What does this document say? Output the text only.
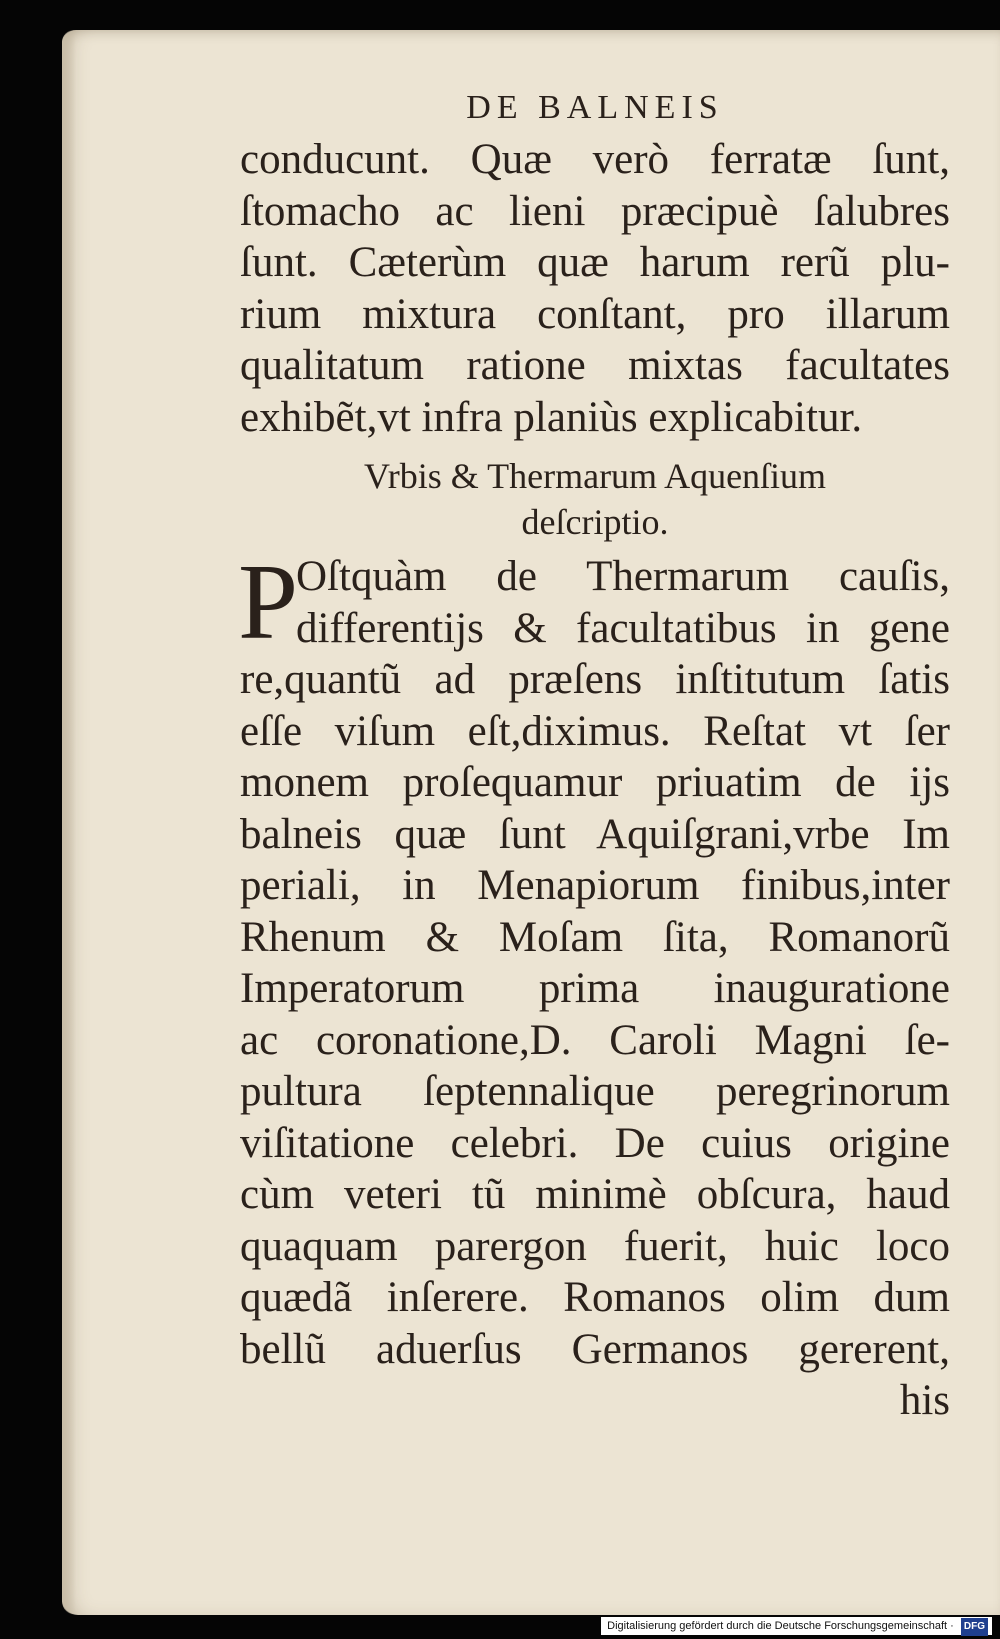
DE BALNEIS
conducunt. Quæ verò ferratæ ſunt,
ſtomacho ac lieni præcipuè ſalubres
ſunt. Cæterùm quæ harum rerũ plu-
rium mixtura conſtant, pro illarum
qualitatum ratione mixtas facultates
exhibẽt,vt infra planiùs explicabitur.
Vrbis & Thermarum Aquenſium
deſcriptio.
P
Oſtquàm de Thermarum cauſis,
differentijs & facultatibus in gene
re,quantũ ad præſens inſtitutum ſatis
eſſe viſum eſt,diximus. Reſtat vt ſer
monem proſequamur priuatim de ijs
balneis quæ ſunt Aquiſgrani,vrbe Im
periali, in Menapiorum finibus,inter
Rhenum & Moſam ſita, Romanorũ
Imperatorum prima inauguratione
ac coronatione,D. Caroli Magni ſe-
pultura ſeptennalique peregrinorum
viſitatione celebri. De cuius origine
cùm veteri tũ minimè obſcura, haud
quaquam parergon fuerit, huic loco
quædã inſerere. Romanos olim dum
bellũ aduerſus Germanos gererent,
his
Digitalisierung gefördert durch die Deutsche Forschungsgemeinschaft · DFG
